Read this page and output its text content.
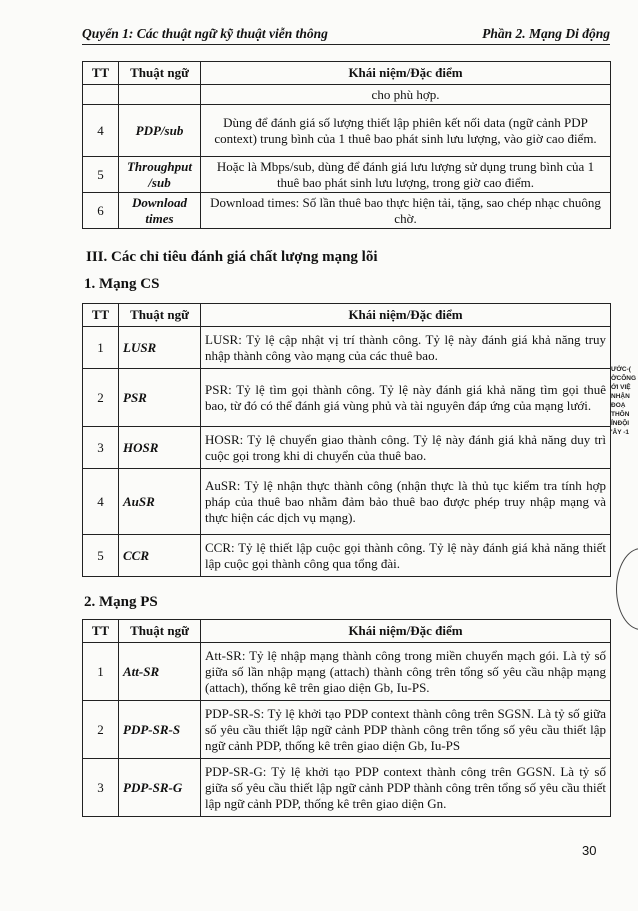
Quyển 1: Các thuật ngữ kỹ thuật viễn thông	Phần 2. Mạng Di động
TT	Thuật ngữ	Khái niệm/Đặc điểm
		cho phù hợp.
4	PDP/sub	Dùng để đánh giá số lượng thiết lập phiên kết nối data (ngữ cảnh PDP context) trung bình của 1 thuê bao phát sinh lưu lượng, vào giờ cao điểm.
5	Throughput /sub	Hoặc là Mbps/sub, dùng để đánh giá lưu lượng sử dụng trung bình của 1 thuê bao phát sinh lưu lượng, trong giờ cao điểm.
6	Download times	Download times: Số lần thuê bao thực hiện tải, tặng, sao chép nhạc chuông chờ.
III. Các chỉ tiêu đánh giá chất lượng mạng lõi
1. Mạng CS
TT	Thuật ngữ	Khái niệm/Đặc điểm
1	LUSR	LUSR: Tỷ lệ cập nhật vị trí thành công. Tỷ lệ này đánh giá khả năng truy nhập thành công vào mạng của các thuê bao.
2	PSR	PSR: Tỷ lệ tìm gọi thành công. Tỷ lệ này đánh giá khả năng tìm gọi thuê bao, từ đó có thể đánh giá vùng phủ và tài nguyên đáp ứng của mạng lưới.
3	HOSR	HOSR: Tỷ lệ chuyển giao thành công. Tỷ lệ này đánh giá khả năng duy trì cuộc gọi trong khi di chuyển của thuê bao.
4	AuSR	AuSR: Tỷ lệ nhận thực thành công (nhận thực là thủ tục kiểm tra tính hợp pháp của thuê bao nhằm đảm bảo thuê bao được phép truy nhập mạng và thực hiện các dịch vụ mạng).
5	CCR	CCR: Tỷ lệ thiết lập cuộc gọi thành công. Tỷ lệ này đánh giá khả năng thiết lập cuộc gọi thành công qua tổng đài.
2. Mạng PS
TT	Thuật ngữ	Khái niệm/Đặc điểm
1	Att-SR	Att-SR: Tỷ lệ nhập mạng thành công trong miền chuyển mạch gói. Là tỷ số giữa số lần nhập mạng (attach) thành công trên tổng số yêu cầu nhập mạng (attach), thống kê trên giao diện Gb, Iu-PS.
2	PDP-SR-S	PDP-SR-S: Tỷ lệ khởi tạo PDP context thành công trên SGSN. Là tỷ số giữa số yêu cầu thiết lập ngữ cảnh PDP thành công trên tổng số yêu cầu thiết lập ngữ cảnh PDP, thống kê trên giao diện Gb, Iu-PS
3	PDP-SR-G	PDP-SR-G: Tỷ lệ khởi tạo PDP context thành công trên GGSN. Là tỷ số giữa số yêu cầu thiết lập ngữ cảnh PDP thành công trên tổng số yêu cầu thiết lập ngữ cảnh PDP, thống kê trên giao diện Gn.
30
ƯỚC-(
ỜCÔNG
ỚI VIỆ
NHẬN
ĐOẠ
THÔN
ỈNĐỘI
'ÂY -1
